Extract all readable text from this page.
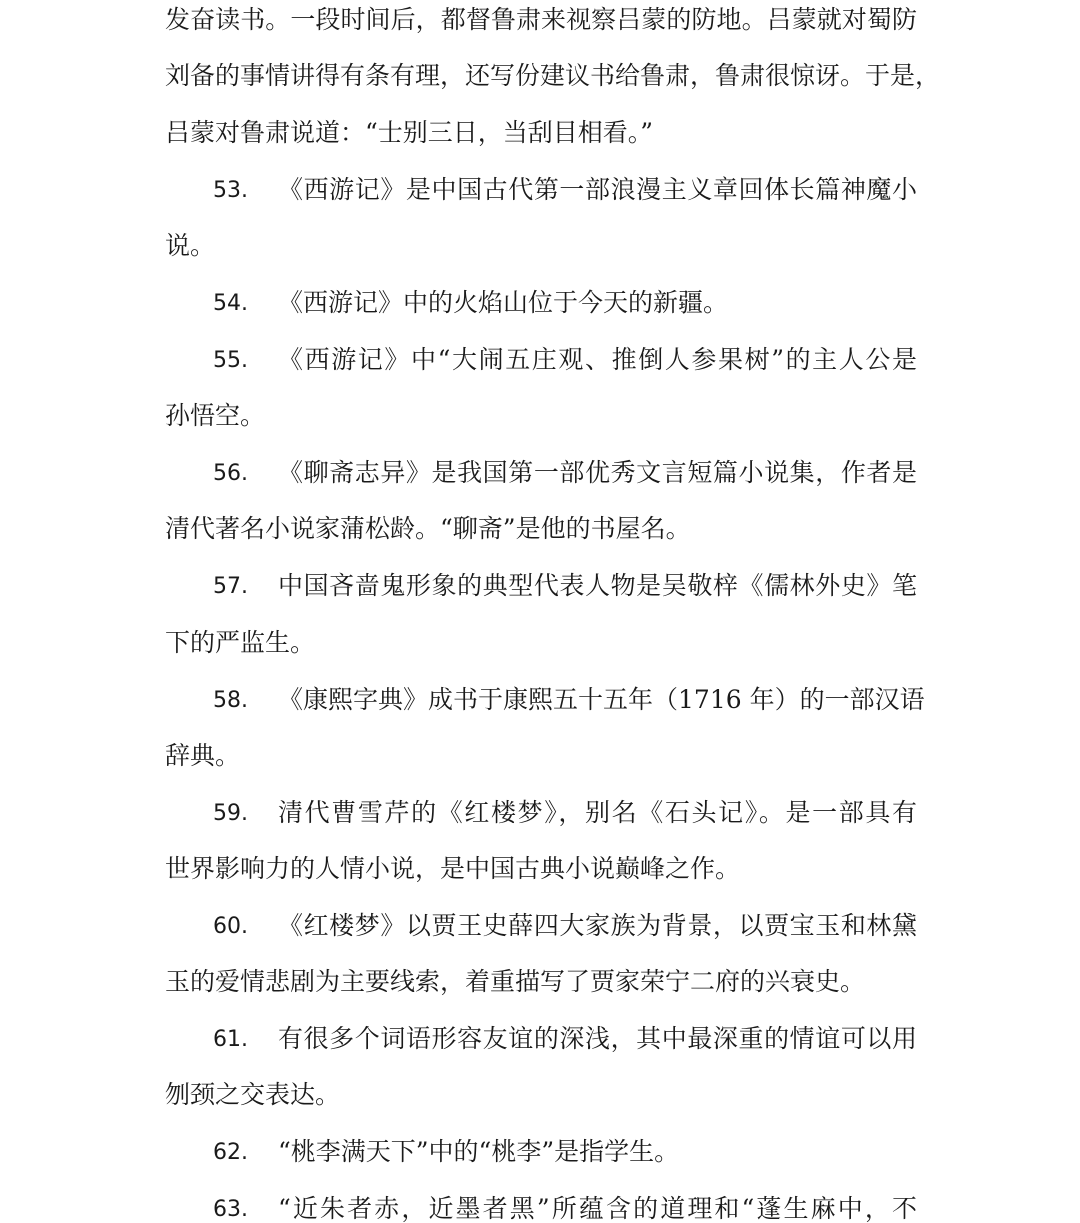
发奋读书。一段时间后，都督鲁肃来视察吕蒙的防地。吕蒙就对蜀防
刘备的事情讲得有条有理，还写份建议书给鲁肃，鲁肃很惊讶。于是，
吕蒙对鲁肃说道：“士别三日，当刮目相看。”
53. 《西游记》是中国古代第一部浪漫主义章回体长篇神魔小
说。
54. 《西游记》中的火焰山位于今天的新疆。
55. 《西游记》中“大闹五庄观、推倒人参果树”的主人公是
孙悟空。
56. 《聊斋志异》是我国第一部优秀文言短篇小说集，作者是
清代著名小说家蒲松龄。“聊斋”是他的书屋名。
57. 中国吝啬鬼形象的典型代表人物是吴敬梓《儒林外史》笔
下的严监生。
58. 《康熙字典》成书于康熙五十五年（1716 年）的一部汉语
辞典。
59. 清代曹雪芹的《红楼梦》，别名《石头记》。是一部具有
世界影响力的人情小说，是中国古典小说巅峰之作。
60. 《红楼梦》以贾王史薛四大家族为背景，以贾宝玉和林黛
玉的爱情悲剧为主要线索，着重描写了贾家荣宁二府的兴衰史。
61. 有很多个词语形容友谊的深浅，其中最深重的情谊可以用
刎颈之交表达。
62. “桃李满天下”中的“桃李”是指学生。
63. “近朱者赤，近墨者黑”所蕴含的道理和“蓬生麻中，不
